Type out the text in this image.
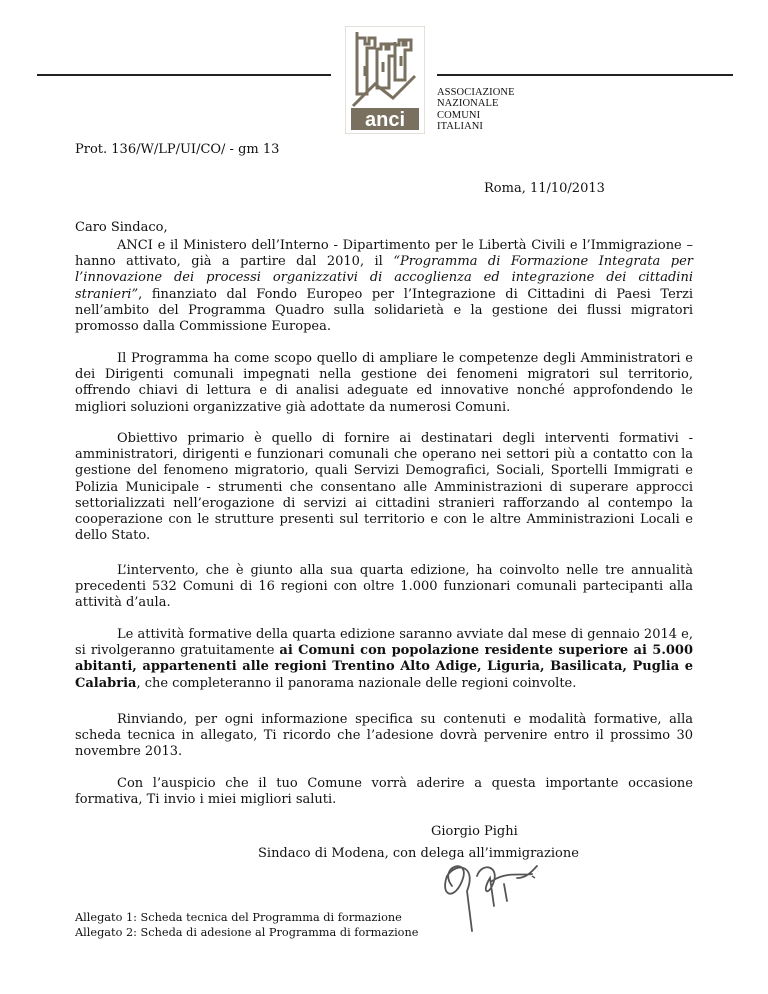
anci
ASSOCIAZIONE
NAZIONALE
COMUNI
ITALIANI
Prot. 136/W/LP/UI/CO/ - gm 13
Roma, 11/10/2013
Caro Sindaco,

ANCI e il Ministero dell’Interno - Dipartimento per le Libertà Civili e l’Immigrazione – hanno attivato, già a partire dal 2010, il “Programma di Formazione Integrata per l’innovazione dei processi organizzativi di accoglienza ed integrazione dei cittadini stranieri”, finanziato dal Fondo Europeo per l’Integrazione di Cittadini di Paesi Terzi nell’ambito del Programma Quadro sulla solidarietà e la gestione dei flussi migratori promosso dalla Commissione Europea.

Il Programma ha come scopo quello di ampliare le competenze degli Amministratori e dei Dirigenti comunali impegnati nella gestione dei fenomeni migratori sul territorio, offrendo chiavi di lettura e di analisi adeguate ed innovative nonché approfondendo le migliori soluzioni organizzative già adottate da numerosi Comuni.

Obiettivo primario è quello di fornire ai destinatari degli interventi formativi - amministratori, dirigenti e funzionari comunali che operano nei settori più a contatto con la gestione del fenomeno migratorio, quali Servizi Demografici, Sociali, Sportelli Immigrati e Polizia Municipale - strumenti che consentano alle Amministrazioni di superare approcci settorializzati nell’erogazione di servizi ai cittadini stranieri rafforzando al contempo la cooperazione con le strutture presenti sul territorio e con le altre Amministrazioni Locali e dello Stato.

L’intervento, che è giunto alla sua quarta edizione, ha coinvolto nelle tre annualità precedenti 532 Comuni di 16 regioni con oltre 1.000 funzionari comunali partecipanti alla attività d’aula.

Le attività formative della quarta edizione saranno avviate dal mese di gennaio 2014 e, si rivolgeranno gratuitamente ai Comuni con popolazione residente superiore ai 5.000 abitanti, appartenenti alle regioni Trentino Alto Adige, Liguria, Basilicata, Puglia e Calabria, che completeranno il panorama nazionale delle regioni coinvolte.

Rinviando, per ogni informazione specifica su contenuti e modalità formative, alla scheda tecnica in allegato, Ti ricordo che l’adesione dovrà pervenire entro il prossimo 30 novembre 2013.

Con l’auspicio che il tuo Comune vorrà aderire a questa importante occasione formativa, Ti invio i miei migliori saluti.

Giorgio Pighi
Sindaco di Modena, con delega all’immigrazione
Allegato 1: Scheda tecnica del Programma di formazione
Allegato 2: Scheda di adesione al Programma di formazione
